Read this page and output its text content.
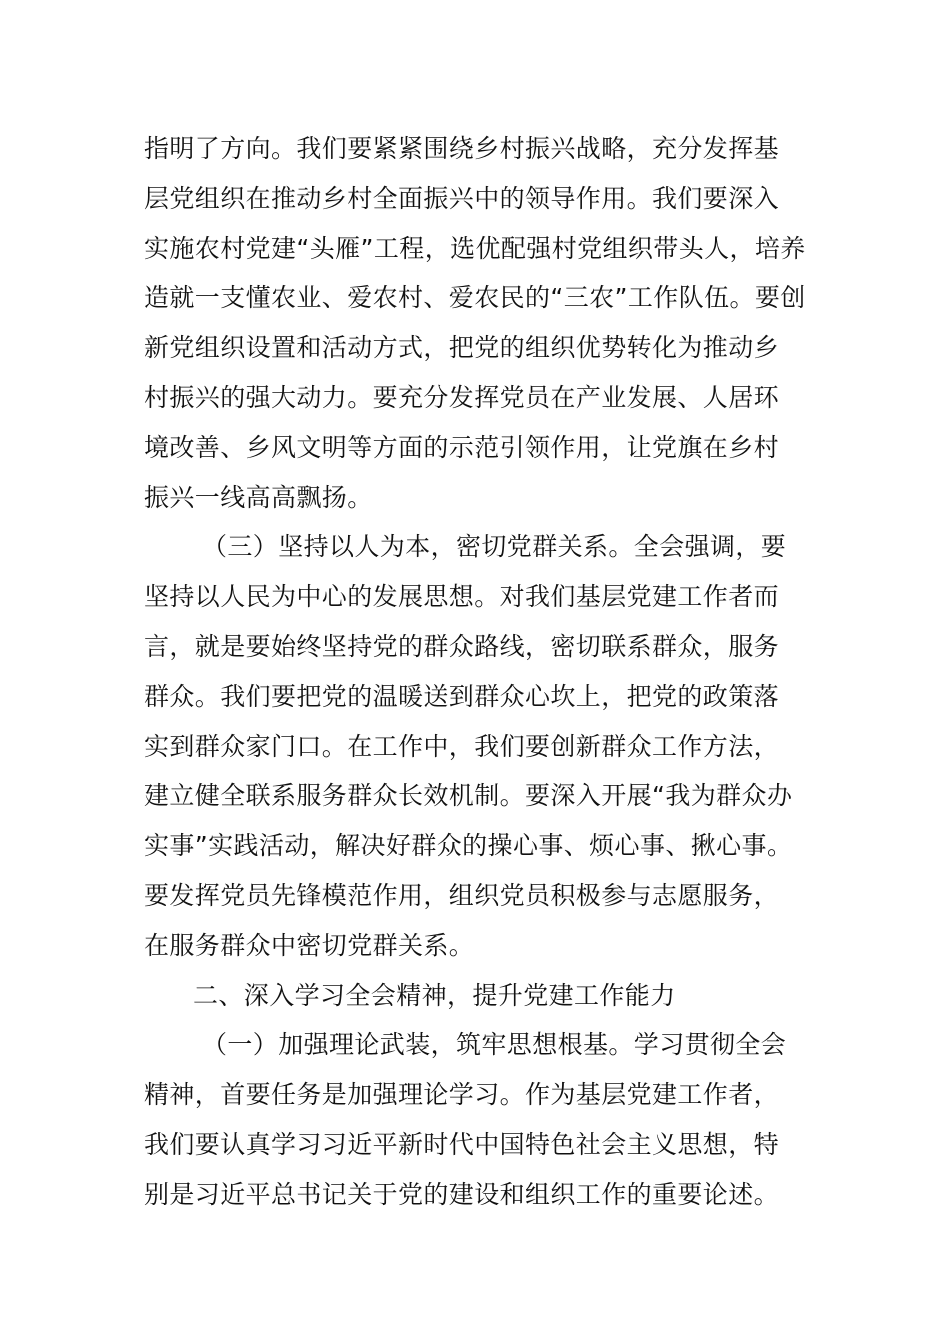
指明了方向。我们要紧紧围绕乡村振兴战略，充分发挥基
层党组织在推动乡村全面振兴中的领导作用。我们要深入
实施农村党建“头雁”工程，选优配强村党组织带头人，培养
造就一支懂农业、爱农村、爱农民的“三农”工作队伍。要创
新党组织设置和活动方式，把党的组织优势转化为推动乡
村振兴的强大动力。要充分发挥党员在产业发展、人居环
境改善、乡风文明等方面的示范引领作用，让党旗在乡村
振兴一线高高飘扬。
（三）坚持以人为本，密切党群关系。全会强调，要
坚持以人民为中心的发展思想。对我们基层党建工作者而
言，就是要始终坚持党的群众路线，密切联系群众，服务
群众。我们要把党的温暖送到群众心坎上，把党的政策落
实到群众家门口。在工作中，我们要创新群众工作方法，
建立健全联系服务群众长效机制。要深入开展“我为群众办
实事”实践活动，解决好群众的操心事、烦心事、揪心事。
要发挥党员先锋模范作用，组织党员积极参与志愿服务，
在服务群众中密切党群关系。
二、深入学习全会精神，提升党建工作能力
（一）加强理论武装，筑牢思想根基。学习贯彻全会
精神，首要任务是加强理论学习。作为基层党建工作者，
我们要认真学习习近平新时代中国特色社会主义思想，特
别是习近平总书记关于党的建设和组织工作的重要论述。
